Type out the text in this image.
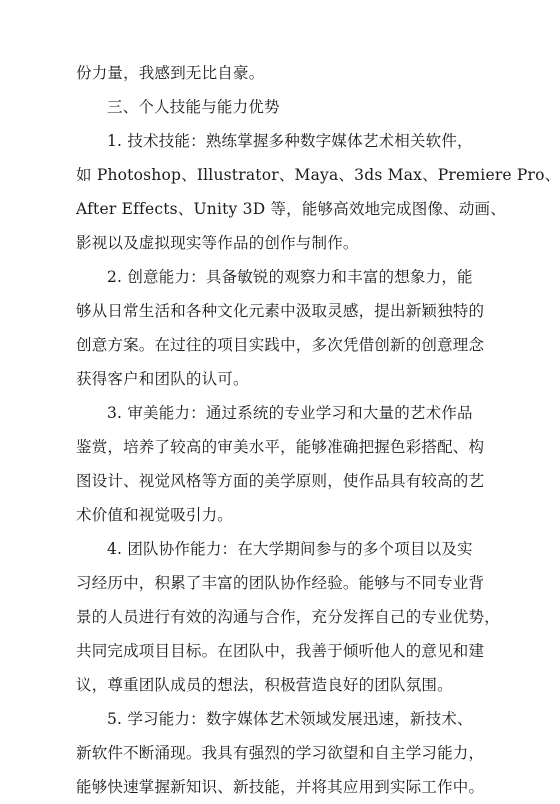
份力量，我感到无比自豪。
三、个人技能与能力优势
1. 技术技能：熟练掌握多种数字媒体艺术相关软件，
如 Photoshop、Illustrator、Maya、3ds Max、Premiere Pro、
After Effects、Unity 3D 等，能够高效地完成图像、动画、
影视以及虚拟现实等作品的创作与制作。
2. 创意能力：具备敏锐的观察力和丰富的想象力，能
够从日常生活和各种文化元素中汲取灵感，提出新颖独特的
创意方案。在过往的项目实践中，多次凭借创新的创意理念
获得客户和团队的认可。
3. 审美能力：通过系统的专业学习和大量的艺术作品
鉴赏，培养了较高的审美水平，能够准确把握色彩搭配、构
图设计、视觉风格等方面的美学原则，使作品具有较高的艺
术价值和视觉吸引力。
4. 团队协作能力：在大学期间参与的多个项目以及实
习经历中，积累了丰富的团队协作经验。能够与不同专业背
景的人员进行有效的沟通与合作，充分发挥自己的专业优势，
共同完成项目目标。在团队中，我善于倾听他人的意见和建
议，尊重团队成员的想法，积极营造良好的团队氛围。
5. 学习能力：数字媒体艺术领域发展迅速，新技术、
新软件不断涌现。我具有强烈的学习欲望和自主学习能力，
能够快速掌握新知识、新技能，并将其应用到实际工作中。
